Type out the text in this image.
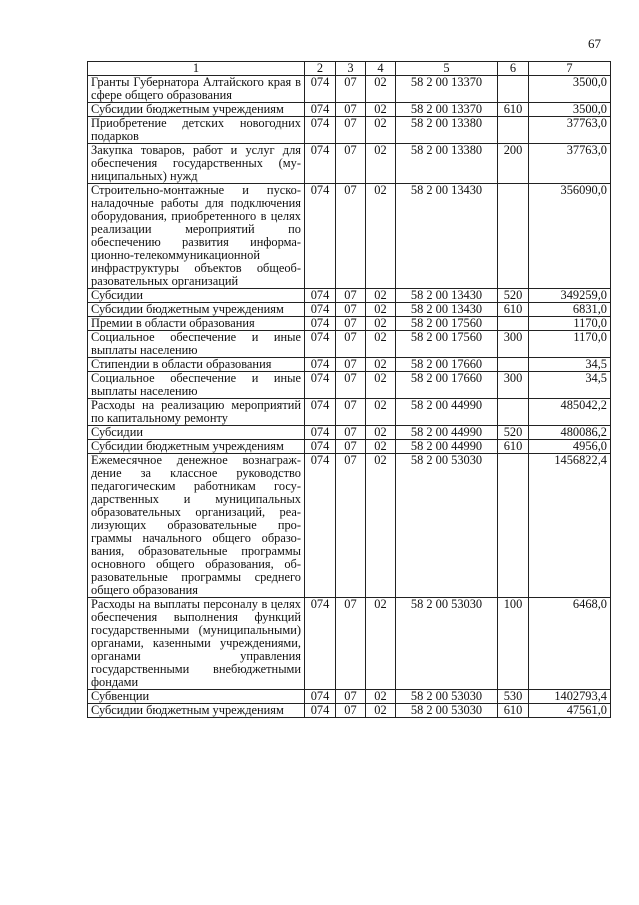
67
1	2	3	4	5	6	7
Гранты Губернатора Алтайского края в сфере общего образования	074	07	02	58 2 00 13370		3500,0
Субсидии бюджетным учреждениям	074	07	02	58 2 00 13370	610	3500,0
Приобретение детских новогодних подарков	074	07	02	58 2 00 13380		37763,0
Закупка товаров, работ и услуг для обеспечения государственных (муниципальных) нужд	074	07	02	58 2 00 13380	200	37763,0
Строительно-монтажные и пусконаладочные работы для подключения оборудования, приобретенного в целях реализации мероприятий по обеспечению развития информационно-телекоммуникационной инфраструктуры объектов общеобразовательных организаций	074	07	02	58 2 00 13430		356090,0
Субсидии	074	07	02	58 2 00 13430	520	349259,0
Субсидии бюджетным учреждениям	074	07	02	58 2 00 13430	610	6831,0
Премии в области образования	074	07	02	58 2 00 17560		1170,0
Социальное обеспечение и иные выплаты населению	074	07	02	58 2 00 17560	300	1170,0
Стипендии в области образования	074	07	02	58 2 00 17660		34,5
Социальное обеспечение и иные выплаты населению	074	07	02	58 2 00 17660	300	34,5
Расходы на реализацию мероприятий по капитальному ремонту	074	07	02	58 2 00 44990		485042,2
Субсидии	074	07	02	58 2 00 44990	520	480086,2
Субсидии бюджетным учреждениям	074	07	02	58 2 00 44990	610	4956,0
Ежемесячное денежное вознаграждение за классное руководство педагогическим работникам государственных и муниципальных образовательных организаций, реализующих образовательные программы начального общего образования, образовательные программы основного общего образования, образовательные программы среднего общего образования	074	07	02	58 2 00 53030		1456822,4
Расходы на выплаты персоналу в целях обеспечения выполнения функций государственными (муниципальными) органами, казенными учреждениями, органами управления государственными внебюджетными фондами	074	07	02	58 2 00 53030	100	6468,0
Субвенции	074	07	02	58 2 00 53030	530	1402793,4
Субсидии бюджетным учреждениям	074	07	02	58 2 00 53030	610	47561,0
